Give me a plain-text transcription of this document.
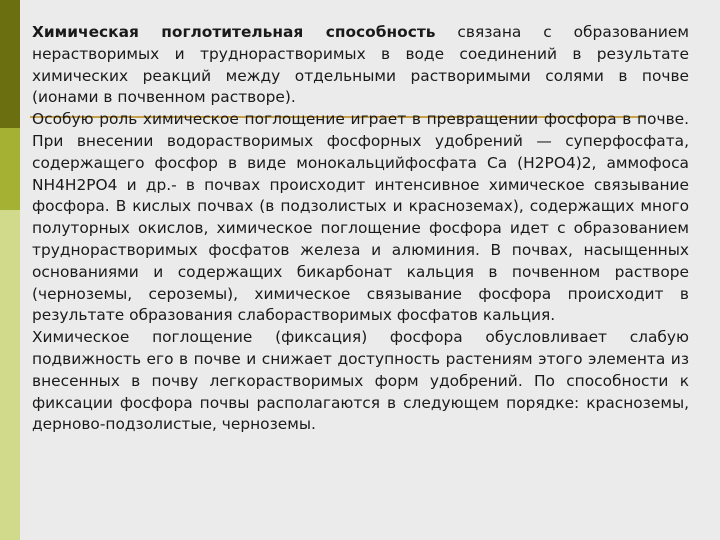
Химическая поглотительная способность связана с образованием нерастворимых и труднорастворимых в воде соединений в результате химических реакций между отдельными растворимыми солями в почве (ионами в почвенном растворе).

Особую роль химическое поглощение играет в превращении фосфора в почве. При внесении водорастворимых фосфорных удобрений — суперфосфата, содержащего фосфор в виде монокальцийфосфата Ca (H2PO4)2, аммофоса NH4H2PO4 и др.- в почвах происходит интенсивное химическое связывание фосфора. В кислых почвах (в подзолистых и красноземах), содержащих много полуторных окислов, химическое поглощение фосфора идет с образованием труднорастворимых фосфатов железа и алюминия. В почвах, насыщенных основаниями и содержащих бикарбонат кальция в почвенном растворе (черноземы, сероземы), химическое связывание фосфора происходит в результате образования слаборастворимых фосфатов кальция.

Химическое поглощение (фиксация) фосфора обусловливает слабую подвижность его в почве и снижает доступность растениям этого элемента из внесенных в почву легкорастворимых форм удобрений. По способности к фиксации фосфора почвы располагаются в следующем порядке: красноземы, дерново-подзолистые, черноземы.
